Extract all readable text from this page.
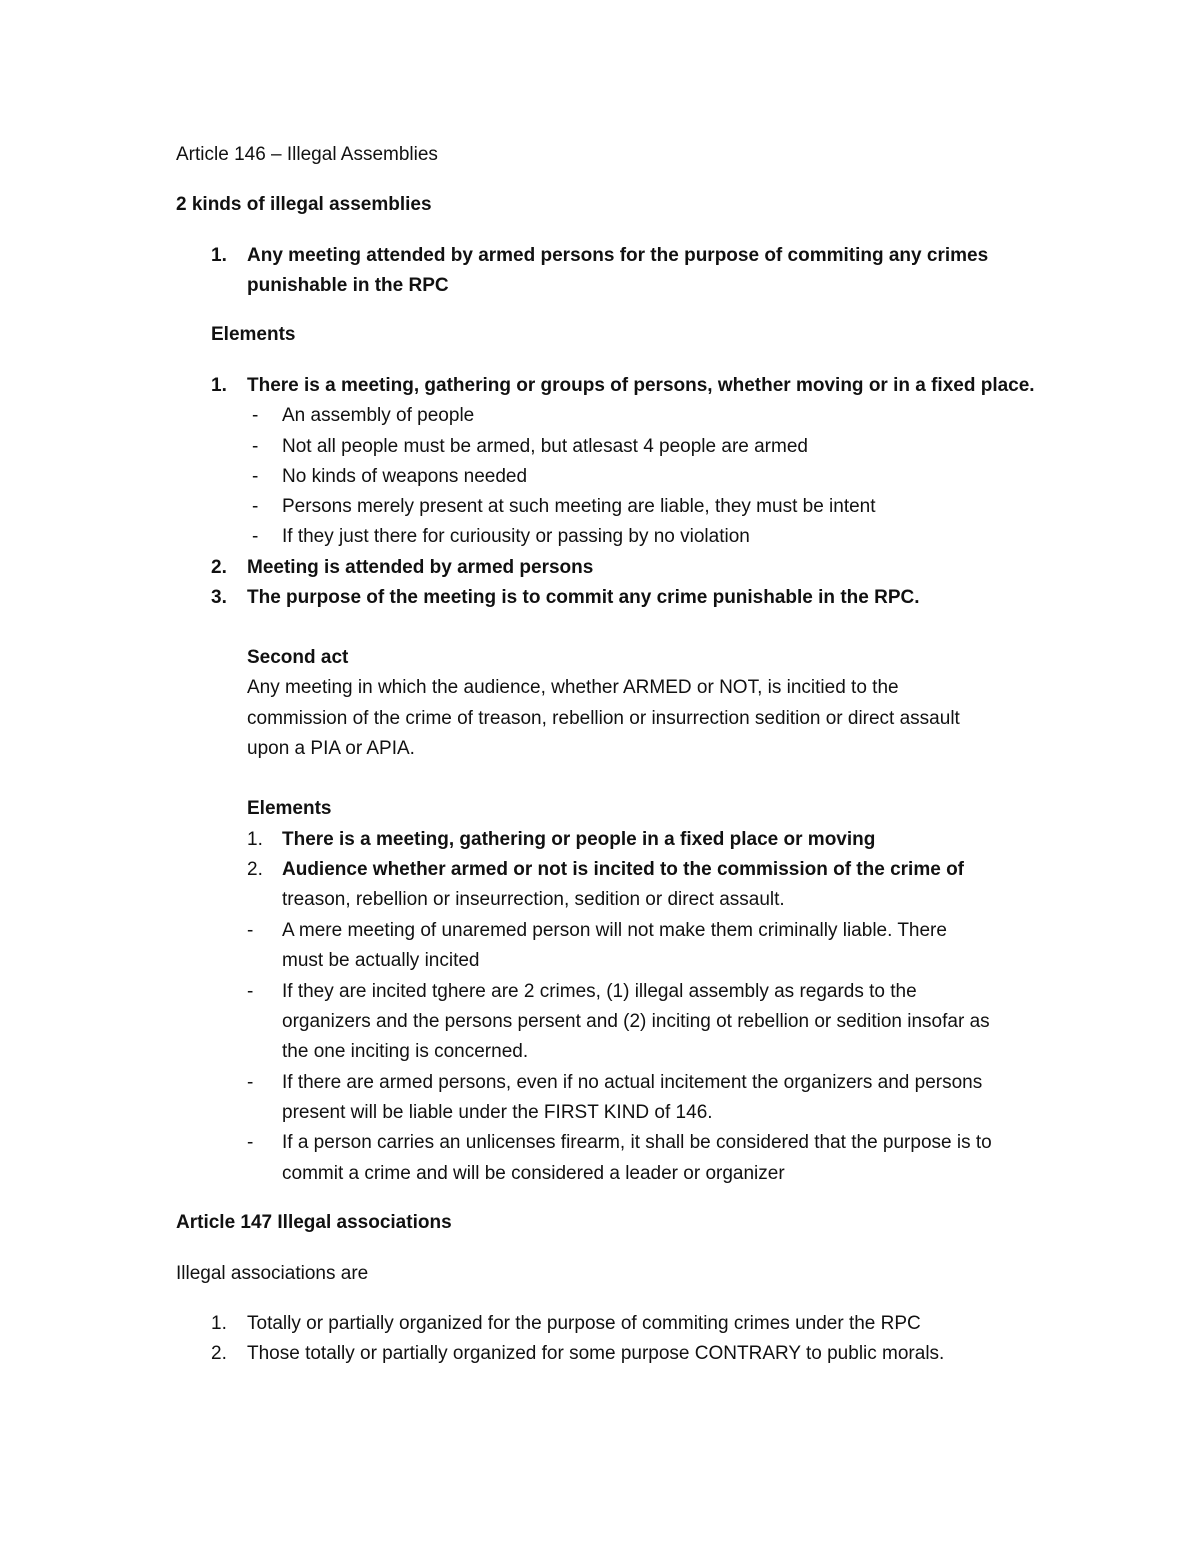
Article 146 – Illegal Assemblies
2 kinds of illegal assemblies
1. Any meeting attended by armed persons for the purpose of commiting any crimes
punishable in the RPC
Elements
1. There is a meeting, gathering or groups of persons, whether moving or in a fixed place.
- An assembly of people
- Not all people must be armed, but atlesast 4 people are armed
- No kinds of weapons needed
- Persons merely present at such meeting are liable, they must be intent
- If they just there for curiousity or passing by no violation
2. Meeting is attended by armed persons
3. The purpose of the meeting is to commit any crime punishable in the RPC.
Second act
Any meeting in which the audience, whether ARMED or NOT, is incitied to the
commission of the crime of treason, rebellion or insurrection sedition or direct assault
upon a PIA or APIA.
Elements
1. There is a meeting, gathering or people in a fixed place or moving
2. Audience whether armed or not is incited to the commission of the crime of
treason, rebellion or inseurrection, sedition or direct assault.
- A mere meeting of unaremed person will not make them criminally liable. There
must be actually incited
- If they are incited tghere are 2 crimes, (1) illegal assembly as regards to the
organizers and the persons persent and (2) inciting ot rebellion or sedition insofar as
the one inciting is concerned.
- If there are armed persons, even if no actual incitement the organizers and persons
present will be liable under the FIRST KIND of 146.
- If a person carries an unlicenses firearm, it shall be considered that the purpose is to
commit a crime and will be considered a leader or organizer
Article 147 Illegal associations
Illegal associations are
1. Totally or partially organized for the purpose of commiting crimes under the RPC
2. Those totally or partially organized for some purpose CONTRARY to public morals.
